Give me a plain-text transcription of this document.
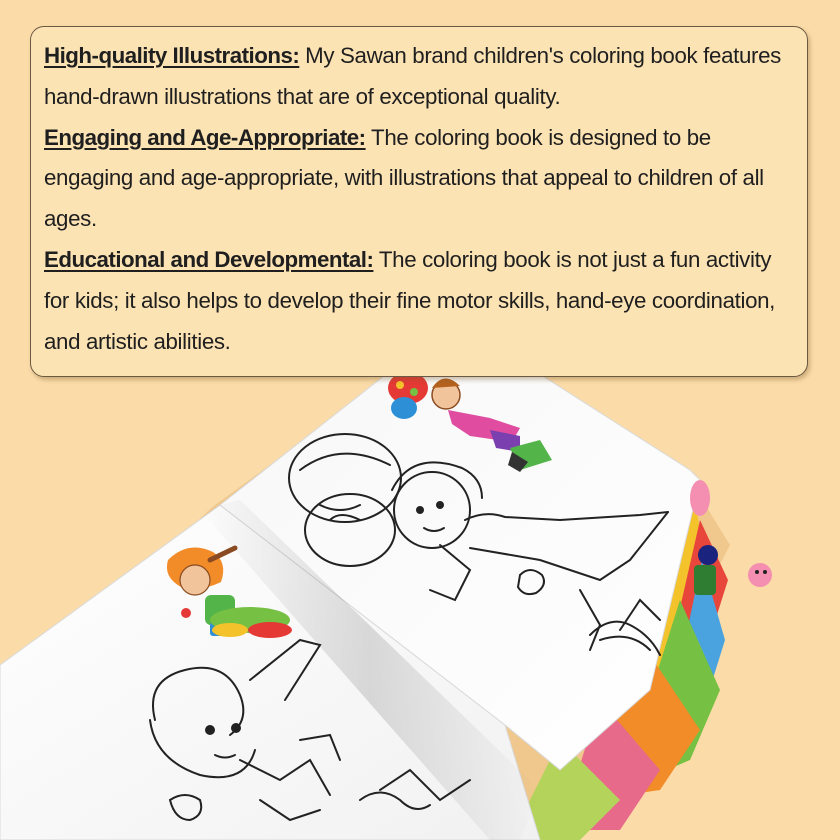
High-quality Illustrations: My Sawan brand children's coloring book features hand-drawn illustrations that are of exceptional quality.

Engaging and Age-Appropriate: The coloring book is designed to be engaging and age-appropriate, with illustrations that appeal to children of all ages.

Educational and Developmental: The coloring book is not just a fun activity for kids; it also helps to develop their fine motor skills, hand-eye coordination, and artistic abilities.
